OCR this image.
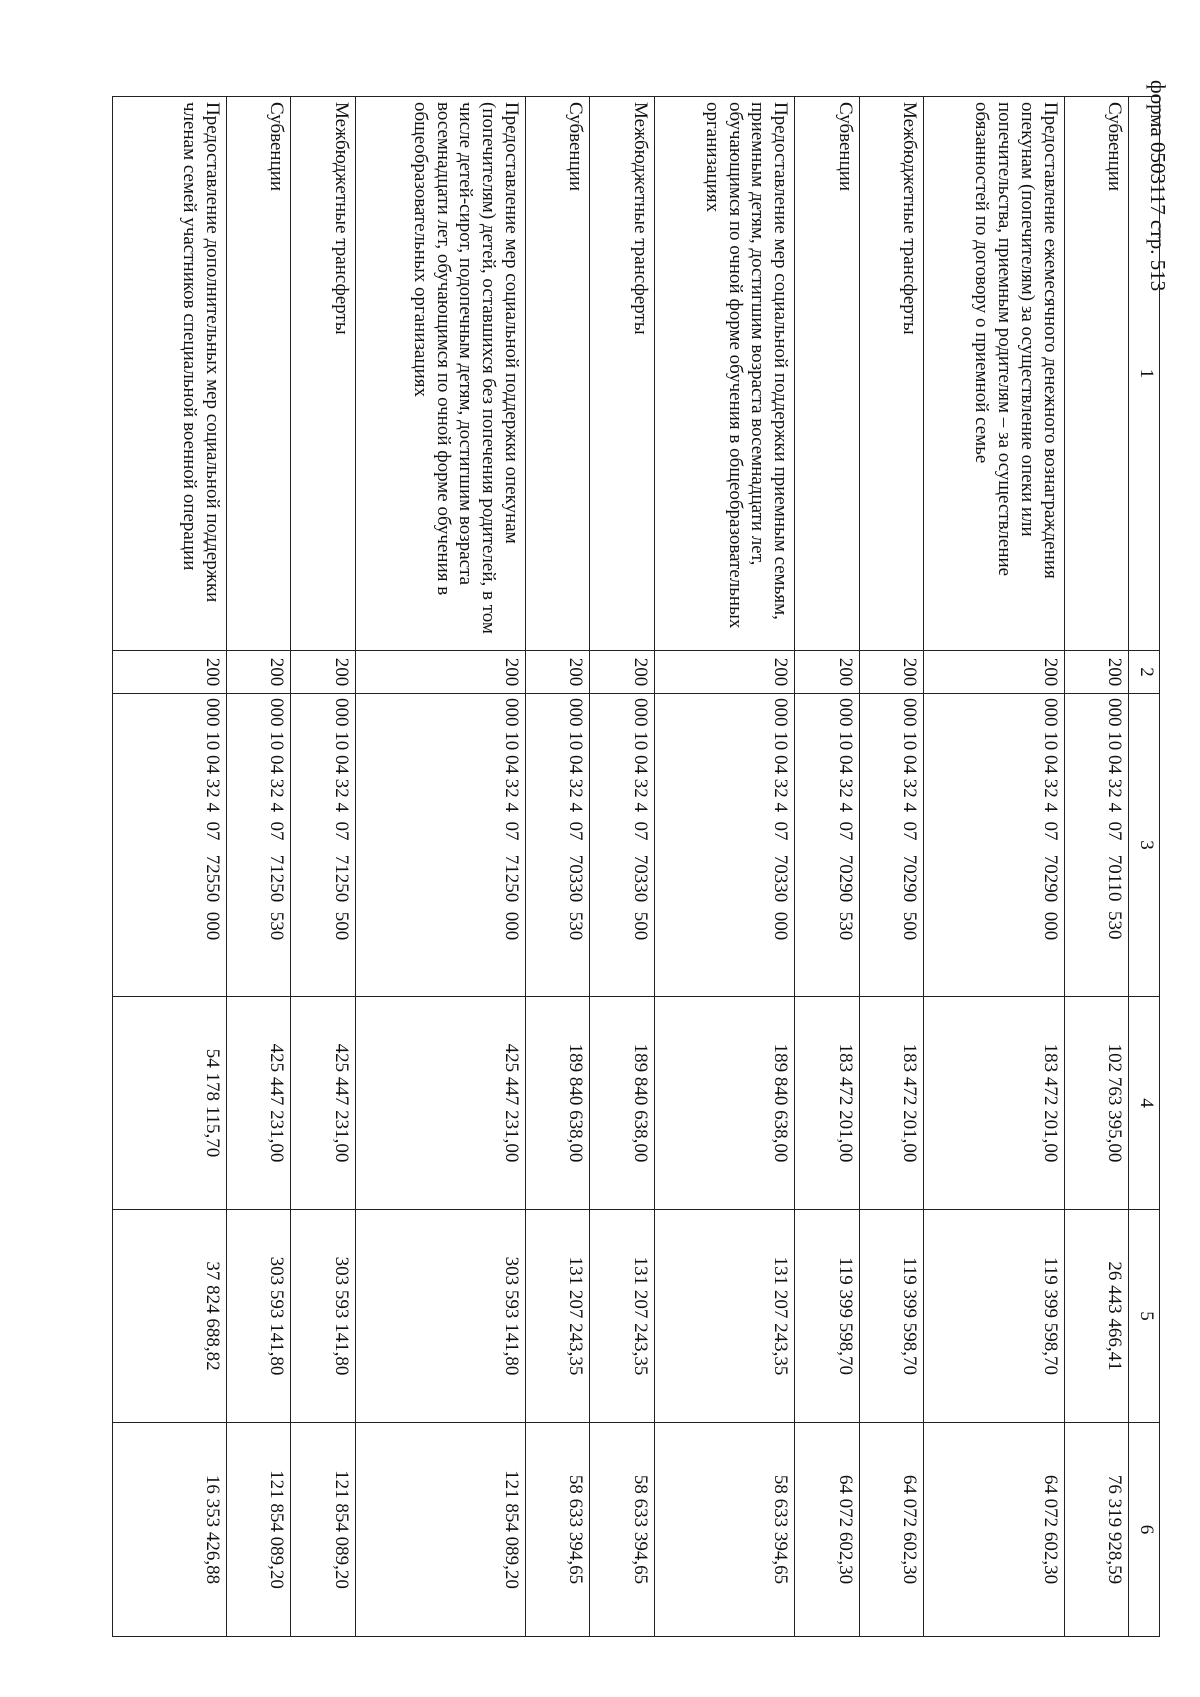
форма 0503117 стр. 513
1	2	3	4	5	6
Субвенции	200	000 10 04 32 4  07   70110  530	102 763 395,00	26 443 466,41	76 319 928,59
Предоставление ежемесячного денежного вознаграждения опекунам (попечителям) за осуществление опеки или попечительства, приемным родителям – за осуществление обязанностей по договору о приемной семье	200	000 10 04 32 4  07   70290  000	183 472 201,00	119 399 598,70	64 072 602,30
Межбюджетные трансферты	200	000 10 04 32 4  07   70290  500	183 472 201,00	119 399 598,70	64 072 602,30
Субвенции	200	000 10 04 32 4  07   70290  530	183 472 201,00	119 399 598,70	64 072 602,30
Предоставление мер социальной поддержки приемным семьям, приемным детям, достигшим возраста восемнадцати лет, обучающимся по очной форме обучения в общеобразовательных организациях	200	000 10 04 32 4  07   70330  000	189 840 638,00	131 207 243,35	58 633 394,65
Межбюджетные трансферты	200	000 10 04 32 4  07   70330  500	189 840 638,00	131 207 243,35	58 633 394,65
Субвенции	200	000 10 04 32 4  07   70330  530	189 840 638,00	131 207 243,35	58 633 394,65
Предоставление мер социальной поддержки опекунам (попечителям) детей, оставшихся без попечения родителей, в том числе детей-сирот, подопечным детям, достигшим возраста восемнадцати лет, обучающимся по очной форме обучения в общеобразовательных организациях	200	000 10 04 32 4  07   71250  000	425 447 231,00	303 593 141,80	121 854 089,20
Межбюджетные трансферты	200	000 10 04 32 4  07   71250  500	425 447 231,00	303 593 141,80	121 854 089,20
Субвенции	200	000 10 04 32 4  07   71250  530	425 447 231,00	303 593 141,80	121 854 089,20
Предоставление дополнительных мер социальной поддержки членам семей участников специальной военной операции	200	000 10 04 32 4  07   72550  000	54 178 115,70	37 824 688,82	16 353 426,88
